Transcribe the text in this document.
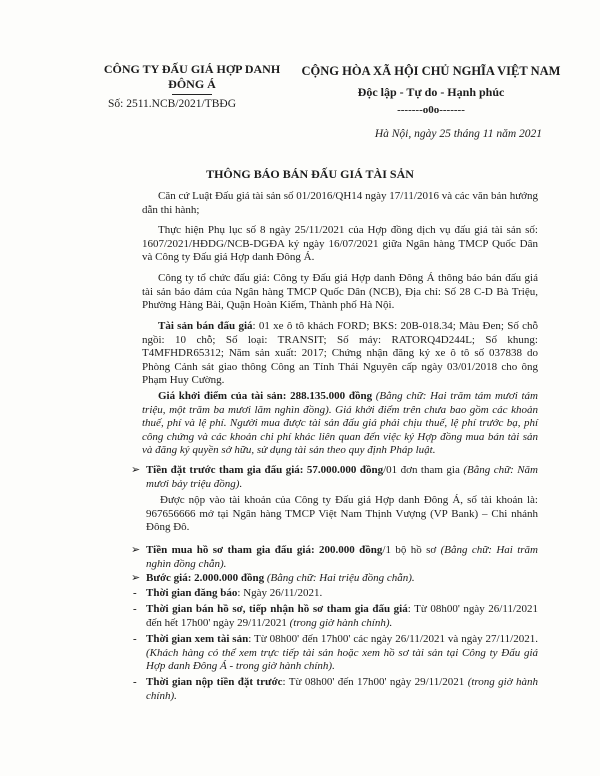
CÔNG TY ĐẤU GIÁ HỢP DANH
ĐÔNG Á
Số: 2511.NCB/2021/TBĐG
CỘNG HÒA XÃ HỘI CHỦ NGHĨA VIỆT NAM
Độc lập - Tự do - Hạnh phúc
-------o0o-------
Hà Nội, ngày 25 tháng 11 năm 2021
THÔNG BÁO BÁN ĐẤU GIÁ TÀI SẢN
Căn cứ Luật Đấu giá tài sản số 01/2016/QH14 ngày 17/11/2016 và các văn bản hướng dẫn thi hành;
Thực hiện Phụ lục số 8 ngày 25/11/2021 của Hợp đồng dịch vụ đấu giá tài sản số: 1607/2021/HĐDG/NCB-DGĐA ký ngày 16/07/2021 giữa Ngân hàng TMCP Quốc Dân và Công ty Đấu giá Hợp danh Đông Á.
Công ty tổ chức đấu giá: Công ty Đấu giá Hợp danh Đông Á thông báo bán đấu giá tài sản bảo đảm của Ngân hàng TMCP Quốc Dân (NCB), Địa chỉ: Số 28 C-D Bà Triệu, Phường Hàng Bài, Quận Hoàn Kiếm, Thành phố Hà Nội.
Tài sản bán đấu giá: 01 xe ô tô khách FORD; BKS: 20B-018.34; Màu Đen; Số chỗ ngồi: 10 chỗ; Số loại: TRANSIT; Số máy: RATORQ4D244L; Số khung: T4MFHDR65312; Năm sản xuất: 2017; Chứng nhận đăng ký xe ô tô số 037838 do Phòng Cảnh sát giao thông Công an Tỉnh Thái Nguyên cấp ngày 03/01/2018 cho ông Phạm Huy Cường.
Giá khởi điểm của tài sản: 288.135.000 đồng (Bằng chữ: Hai trăm tám mươi tám triệu, một trăm ba mươi lăm nghìn đồng). Giá khởi điểm trên chưa bao gồm các khoản thuế, phí và lệ phí. Người mua được tài sản đấu giá phải chịu thuế, lệ phí trước bạ, phí công chứng và các khoản chi phí khác liên quan đến việc ký Hợp đồng mua bán tài sản và đăng ký quyền sở hữu, sử dụng tài sản theo quy định Pháp luật.
➢ Tiền đặt trước tham gia đấu giá: 57.000.000 đồng/01 đơn tham gia (Bằng chữ: Năm mươi bảy triệu đồng).
Được nộp vào tài khoản của Công ty Đấu giá Hợp danh Đông Á, số tài khoản là: 967656666 mở tại Ngân hàng TMCP Việt Nam Thịnh Vượng (VP Bank) – Chi nhánh Đông Đô.
➢ Tiền mua hồ sơ tham gia đấu giá: 200.000 đồng/1 bộ hồ sơ (Bằng chữ: Hai trăm nghìn đồng chẵn).
➢ Bước giá: 2.000.000 đồng (Bằng chữ: Hai triệu đồng chẵn).
- Thời gian đăng báo: Ngày 26/11/2021.
- Thời gian bán hồ sơ, tiếp nhận hồ sơ tham gia đấu giá: Từ 08h00' ngày 26/11/2021 đến hết 17h00' ngày 29/11/2021 (trong giờ hành chính).
- Thời gian xem tài sản: Từ 08h00' đến 17h00' các ngày 26/11/2021 và ngày 27/11/2021. (Khách hàng có thể xem trực tiếp tài sản hoặc xem hồ sơ tài sản tại Công ty Đấu giá Hợp danh Đông Á - trong giờ hành chính).
- Thời gian nộp tiền đặt trước: Từ 08h00' đến 17h00' ngày 29/11/2021 (trong giờ hành chính).
